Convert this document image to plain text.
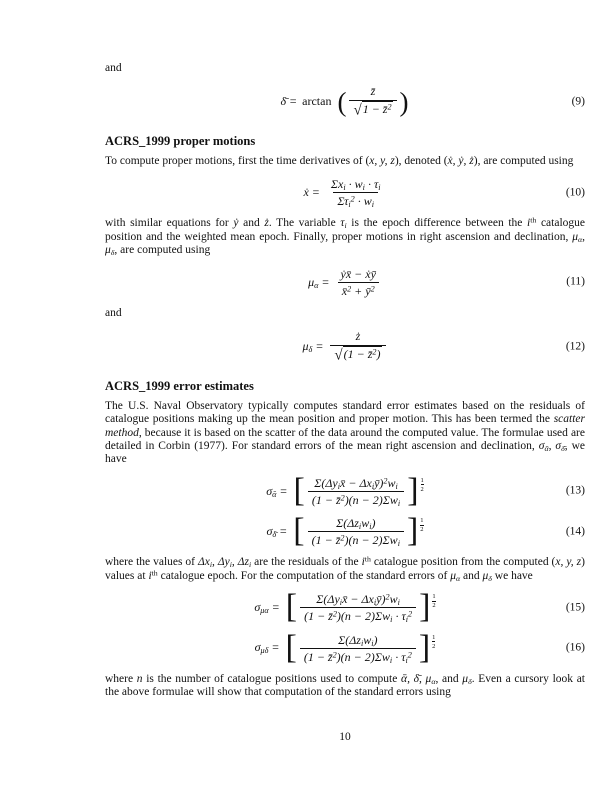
and

δ̄ = arctan ( $\frac{z̄}{√1 - z̄^2}$ )	(9)
ACRS_1999 proper motions

To compute proper motions, first the time derivatives of (x, y, z), denoted (ẋ, ẏ, ż), are computed using

ẋ = $\frac{\Sigma x_i \cdot w_i \cdot \tau_i}{\Sigma\tau_i^2 \cdot w_i}$	(10)

with similar equations for ẏ and ż. The variable $\tau_i$ is the epoch difference between the $i^{th}$ catalogue position and the weighted mean epoch. Finally, proper motions in right ascension and declination, $\mu_\alpha$, $\mu_\delta$, are computed using

$\mu_\alpha = \frac{\text{ẏx̄ − ẋȳ}}{x̄^2 + ȳ^2}$	(11)

and

$\mu_\delta = \frac{ż}{√(1 - z̄^2)}$	(12)
ACRS_1999 error estimates

The U.S. Naval Observatory typically computes standard error estimates based on the residuals of catalogue positions making up the mean position and proper motion. This has been termed the scatter method, because it is based on the scatter of the data around the computed value. The formulae used are detailed in Corbin (1977). For standard errors of the mean right ascension and declination, $\sigma_ᾱ$, $\sigma_{\deltā}$, we have

$\sigma_ᾱ$ = [ $\frac{\Sigma(\Delta y_ix̄ - \Delta x_iȳ)^2w_i}{(1 - z̄^2)(n - 2)\Sigma w_i}$ ] 1
2	(13)
$\sigma_{\deltā}$ = [ $\frac{\Sigma(\Delta z_iw_i)}{(1 - z̄^2)(n - 2)\Sigma w_i}$ ] 1
2	(14)

where the values of $\Delta x_i$, $\Delta y_i$, $\Delta z_i$ are the residuals of the $i^{th}$ catalogue position from the computed (x, y, z) values at $i^{th}$ catalogue epoch. For the computation of the standard errors of $\mu_\alpha$ and $\mu_\delta$ we have

$\sigma_{\mu\alpha}$ = [ $\frac{\Sigma(\Delta y_ix̄ - \Delta x_iȳ)^2w_i}{(1 - z̄^2)(n - 2)\Sigma w_i \cdot \tau_i^2}$ ] 1
2	(15)
$\sigma_{\mu\delta}$ = [ $\frac{\Sigma(\Delta z_iw_i)}{(1 - z̄^2)(n - 2)\Sigma w_i \cdot \tau_i^2}$ ] 1
2	(16)

where n is the number of catalogue positions used to compute ᾱ, δ̄, $\mu_\alpha$, and $\mu_\delta$. Even a cursory look at the above formulae will show that computation of the standard errors using

10
